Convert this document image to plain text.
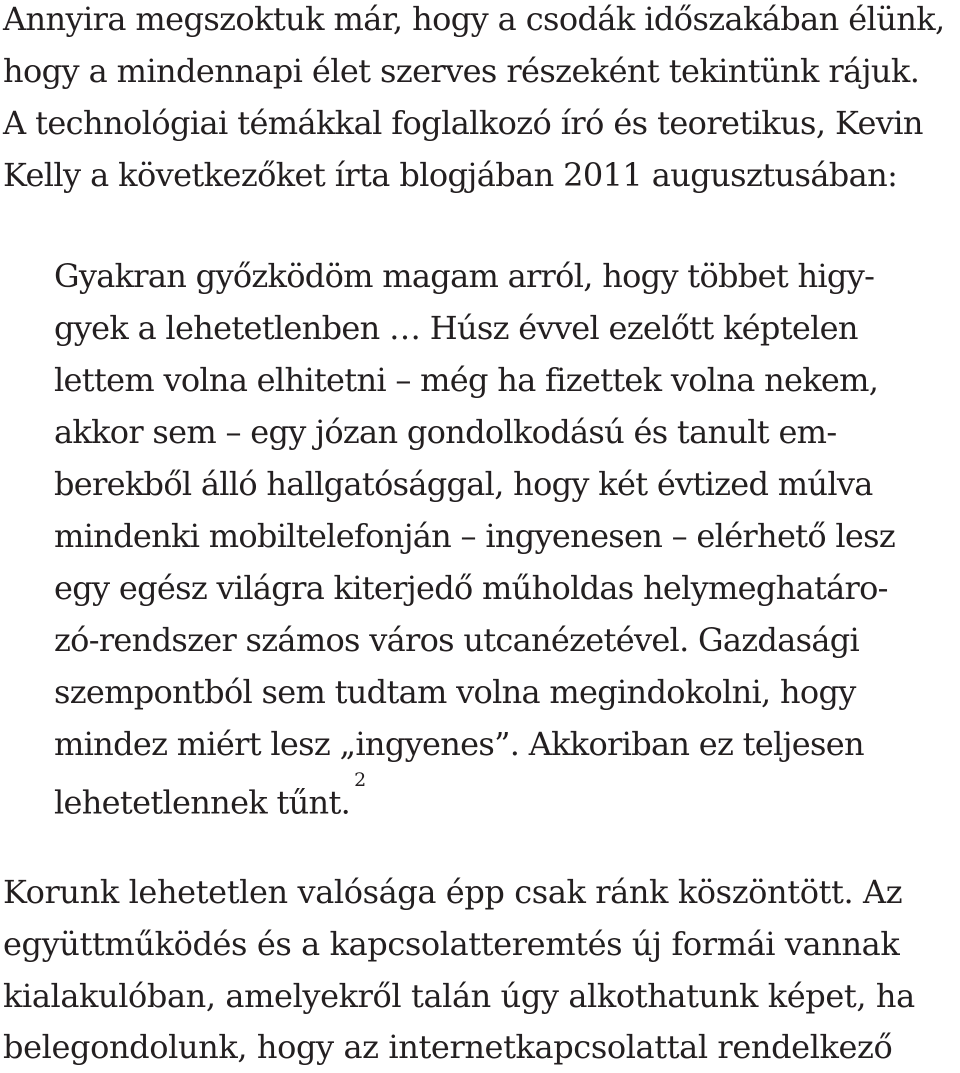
Annyira megszoktuk már, hogy a csodák időszakában élünk,
hogy a mindennapi élet szerves részeként tekintünk rájuk.
A technológiai témákkal foglalkozó író és teoretikus, Kevin
Kelly a következőket írta blogjában 2011 augusztusában:
Gyakran győzködöm magam arról, hogy többet higy-
gyek a lehetetlenben … Húsz évvel ezelőtt képtelen
lettem volna elhitetni – még ha fizettek volna nekem,
akkor sem – egy józan gondolkodású és tanult em-
berekből álló hallgatósággal, hogy két évtized múlva
mindenki mobiltelefonján – ingyenesen – elérhető lesz
egy egész világra kiterjedő műholdas helymeghatáro-
zó-rendszer számos város utcanézetével. Gazdasági
szempontból sem tudtam volna megindokolni, hogy
mindez miért lesz „ingyenes”. Akkoriban ez teljesen
lehetetlennek tűnt.$^2$
Korunk lehetetlen valósága épp csak ránk köszöntött. Az
együttműködés és a kapcsolatteremtés új formái vannak
kialakulóban, amelyekről talán úgy alkothatunk képet, ha
belegondolunk, hogy az internetkapcsolattal rendelkező
